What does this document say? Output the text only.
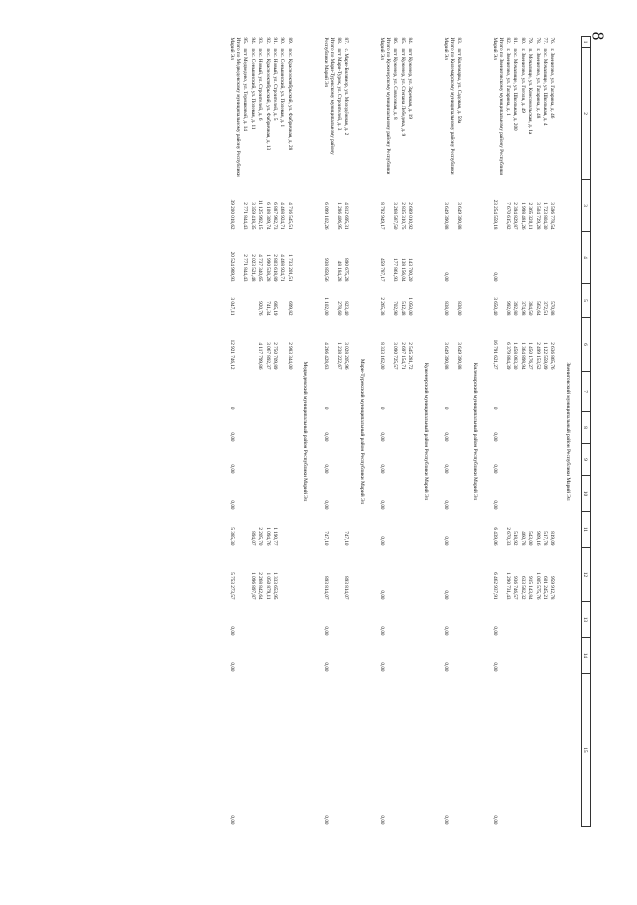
8
1	2	3	4	5	6	7	8	9	10	11	12	13	14	15
Звениговский муниципальный район Республики Марий Эл														
76.	г. Звенигово, ул. Гагарина, д. 46	3 596 778,54		570,88	2 636 865,76					819,09	959 912,78			
77.	пос. Мочалище, ул. Школьная, д. 4	1 723 804,30		372,51	1 122 559,09					517,78	601 245,21			
78.	г. Звенигово, ул. Гагарина, д. 48	3 504 729,28		562,64	2 499 153,52					909,16	1 005 575,76			
79.	п. Мочалище, ул. Комсомольская, д. 1а	2 365 320,11		384,50	1 450 176,27					543,00	915 143,84			
80.	г. Звенигово, ул. Гоголя, д. 49	1 998 481,26		374,98	1 364 898,94					460,78	633 582,32			
81.	пос. Мочалище, ул. Школьная, д. 200	2 394 829,87		392,80	1 458 083,30					518,92	936 746,57			
82.	г. Звенигово, ул. Гагарина, д. 1	7 670 615,82		992,08	6 379 884,39					2 670,33	1 290 731,43			
Итого по Звениговскому муниципальному району Республики Марий Эл		23 254 559,18	0,00	3 650,40	16 791 621,27	0	0,00	0,00	0,00	6 439,06	6 462 937,91	0,00	0,00	0,00
Килемарский муниципальный район Республики Марий Эл														
83.	пгт Килемары, ул. Садовая, д. 59а	3 649 390,88		838,00	3 649 390,88									
Итого по Килемарскому муниципальному району Республики Марий Эл		3 649 390,88	0,00	838,00	3 649 390,88	0	0,00	0,00	0,00	0,00	0,00	0,00	0,00	0,00
Куженерский муниципальный район Республики Марий Эл														
84.	пгт Куженер, ул. Заречная, д. 19	2 689 010,92	143 700,20	1 050,00	2 545 281,72									
85.	пгт Куженер, ул. Степана Лебедева, д. 9	2 835 310,75	138 156,04	512,48	2 697 154,71									
86.	пгт Куженер, ул. Совхозная, д. 8	3 268 587,50	177 861,93	702,90	3 090 725,57									
Итого по Куженерскому муниципальному району Республики Марий Эл		8 792 949,17	459 787,17	2 265,38	8 333 162,00	0	0,00	0,00	0,00	0,00	0,00	0,00	0,00	0,00
Мари-Турекский муниципальный район Республики Марий Эл														
87.	с. Мари-Билямор, ул. Молодёжная, д. 2	4 812 695,31	890 675,28	823,40	3 028 205,96					747,10	893 814,07			
88.	пгт Мари-Турек, ул. Строителей, д. 3	1 286 406,95	48 184,28	278,60	1 238 222,67									
Итого по Мари-Турекскому муниципальному району Республики Марий Эл		6 099 102,26	938 859,56	1 102,00	4 266 428,63	0	0,00	0,00	0,00	747,10	893 814,07	0,00	0,00	0,00
Медведевский муниципальный район Республики Марий Эл														
89.	пос. Краснооктябрьский, ул. Фабричная, д. 28	4 716 545,51	1 733 201,51	699,82	2 983 344,00									
90.	пос. Сенькинский, ул. Полевая, д. 1	4 468 924,71	4 468 924,71											
91.	пос. Новый, ул. Строителей, д. 5	6 887 982,73	2 803 618,89	685,19	2 750 709,89					1 190,77	1 333 653,95			
92.	пос. Краснооктябрьский, ул. Фабричная, д. 13	6 108 309,74	1 990 538,28	741,34	3 067 892,37					1 094,76	1 050 879,11			
93.	пос. Новый, ул. Строителей, д. 6	11 125 992,15	4 737 340,65	920,76	4 117 799,86					2 205,70	2 268 842,64			
94.	пос. Сенькинский, ул. Полевая, д. 11	3 359 418,35	2 023 521,48							894,07	1 096 897,87			
95.	пгт Медведево, ул. Терешковой, д. 14	2 771 844,43	2 771 844,43											
Итого по Медведевскому муниципальному району Республики Марий Эл		39 200 018,62	20 524 989,93	3 047,11	12 921 746,12	0	0,00	0,00	0,00	5 385,30	5 753 273,57	0,00	0,00	0,00
